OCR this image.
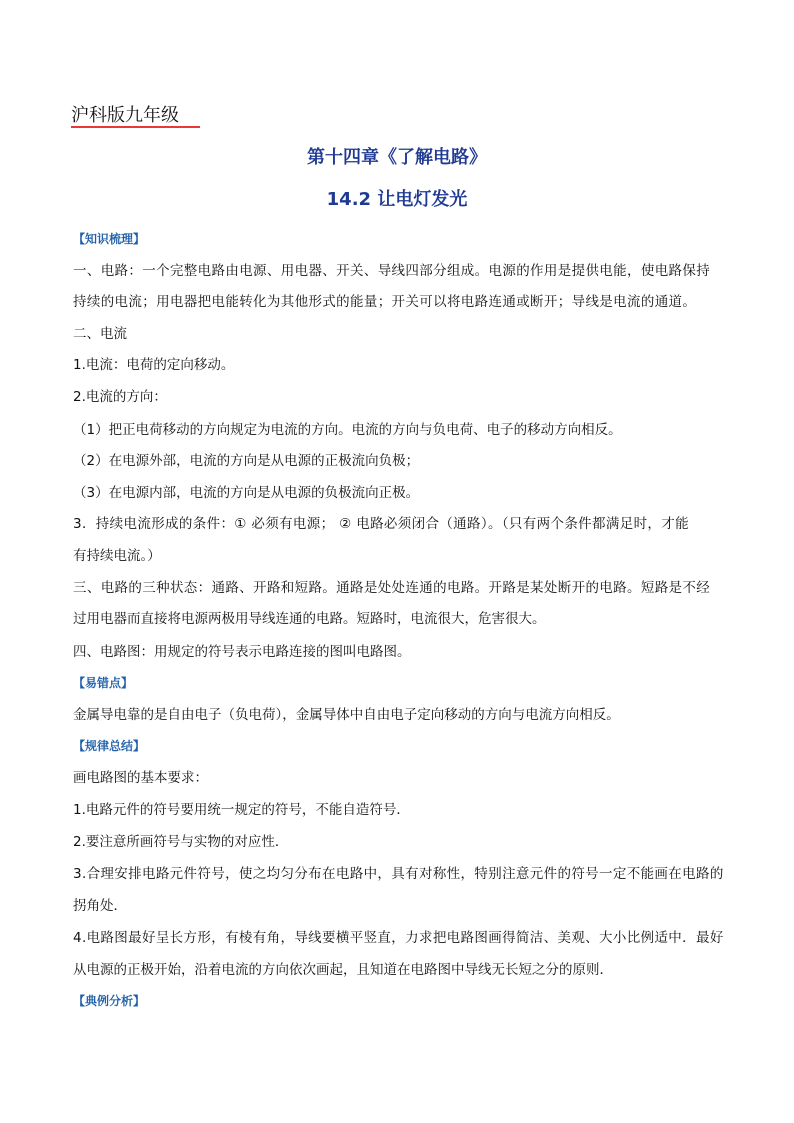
沪科版九年级
第十四章《了解电路》
14.2 让电灯发光
【知识梳理】
一、电路：一个完整电路由电源、用电器、开关、导线四部分组成。电源的作用是提供电能，使电路保持
持续的电流；用电器把电能转化为其他形式的能量；开关可以将电路连通或断开；导线是电流的通道。
二、电流
1.电流：电荷的定向移动。
2.电流的方向：
（1）把正电荷移动的方向规定为电流的方向。电流的方向与负电荷、电子的移动方向相反。
（2）在电源外部，电流的方向是从电源的正极流向负极；
（3）在电源内部，电流的方向是从电源的负极流向正极。
3．持续电流形成的条件：① 必须有电源； ② 电路必须闭合（通路）。（只有两个条件都满足时，才能
有持续电流。）
三、电路的三种状态：通路、开路和短路。通路是处处连通的电路。开路是某处断开的电路。短路是不经
过用电器而直接将电源两极用导线连通的电路。短路时，电流很大，危害很大。
四、电路图：用规定的符号表示电路连接的图叫电路图。
【易错点】
金属导电靠的是自由电子（负电荷），金属导体中自由电子定向移动的方向与电流方向相反。
【规律总结】
画电路图的基本要求：
1.电路元件的符号要用统一规定的符号，不能自造符号．
2.要注意所画符号与实物的对应性．
3.合理安排电路元件符号，使之均匀分布在电路中，具有对称性，特别注意元件的符号一定不能画在电路的
拐角处．
4.电路图最好呈长方形，有棱有角，导线要横平竖直，力求把电路图画得简洁、美观、大小比例适中．最好
从电源的正极开始，沿着电流的方向依次画起，且知道在电路图中导线无长短之分的原则．
【典例分析】
